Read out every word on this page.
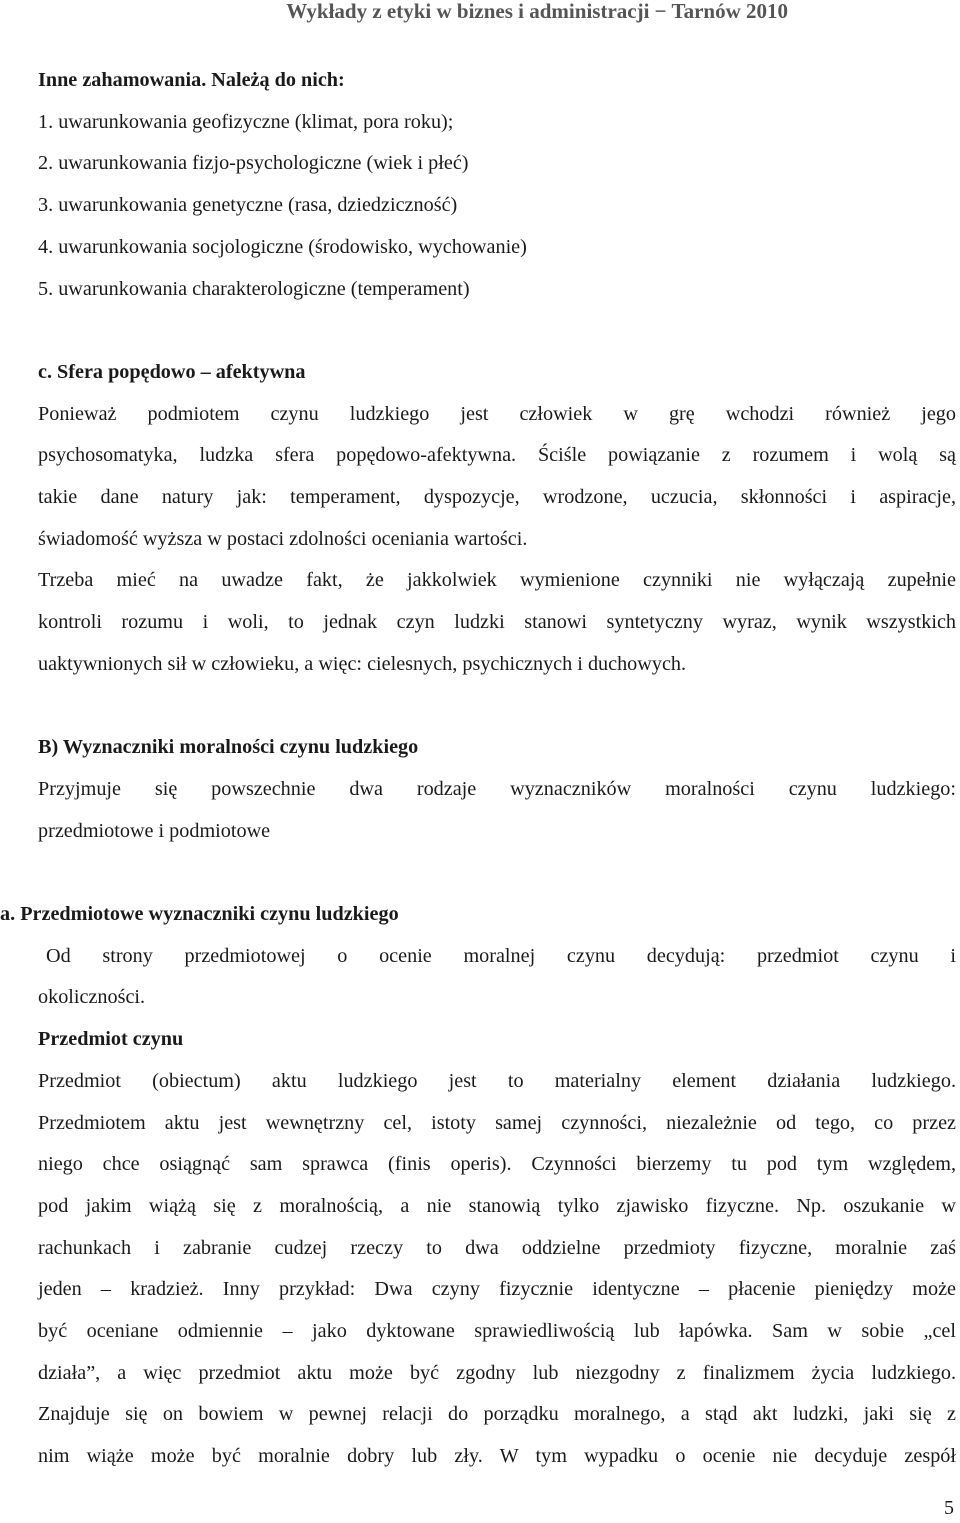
Wykłady z etyki w biznes i administracji − Tarnów 2010

Inne zahamowania. Należą do nich:

1. uwarunkowania geofizyczne (klimat, pora roku);

2. uwarunkowania fizjo-psychologiczne (wiek i płeć)

3. uwarunkowania genetyczne (rasa, dziedziczność)

4. uwarunkowania socjologiczne (środowisko, wychowanie)

5. uwarunkowania charakterologiczne (temperament)

c. Sfera popędowo – afektywna

Ponieważ podmiotem czynu ludzkiego jest człowiek w grę wchodzi również jego

psychosomatyka, ludzka sfera popędowo-afektywna. Ściśle powiązanie z rozumem i wolą są

takie dane natury jak: temperament, dyspozycje, wrodzone, uczucia, skłonności i aspiracje,

świadomość wyższa w postaci zdolności oceniania wartości.

Trzeba mieć na uwadze fakt, że jakkolwiek wymienione czynniki nie wyłączają zupełnie

kontroli rozumu i woli, to jednak czyn ludzki stanowi syntetyczny wyraz, wynik wszystkich

uaktywnionych sił w człowieku, a więc: cielesnych, psychicznych i duchowych.

B) Wyznaczniki moralności czynu ludzkiego

Przyjmuje się powszechnie dwa rodzaje wyznaczników moralności czynu ludzkiego:

przedmiotowe i podmiotowe

a. Przedmiotowe wyznaczniki czynu ludzkiego

Od strony przedmiotowej o ocenie moralnej czynu decydują: przedmiot czynu i

okoliczności.

Przedmiot czynu

Przedmiot (obiectum) aktu ludzkiego jest to materialny element działania ludzkiego.

Przedmiotem aktu jest wewnętrzny cel, istoty samej czynności, niezależnie od tego, co przez

niego chce osiągnąć sam sprawca (finis operis). Czynności bierzemy tu pod tym względem,

pod jakim wiążą się z moralnością, a nie stanowią tylko zjawisko fizyczne. Np. oszukanie w

rachunkach i zabranie cudzej rzeczy to dwa oddzielne przedmioty fizyczne, moralnie zaś

jeden – kradzież. Inny przykład: Dwa czyny fizycznie identyczne – płacenie pieniędzy może

być oceniane odmiennie – jako dyktowane sprawiedliwością lub łapówka. Sam w sobie „cel

działa”, a więc przedmiot aktu może być zgodny lub niezgodny z finalizmem życia ludzkiego.

Znajduje się on bowiem w pewnej relacji do porządku moralnego, a stąd akt ludzki, jaki się z

nim wiąże może być moralnie dobry lub zły. W tym wypadku o ocenie nie decyduje zespół

5
